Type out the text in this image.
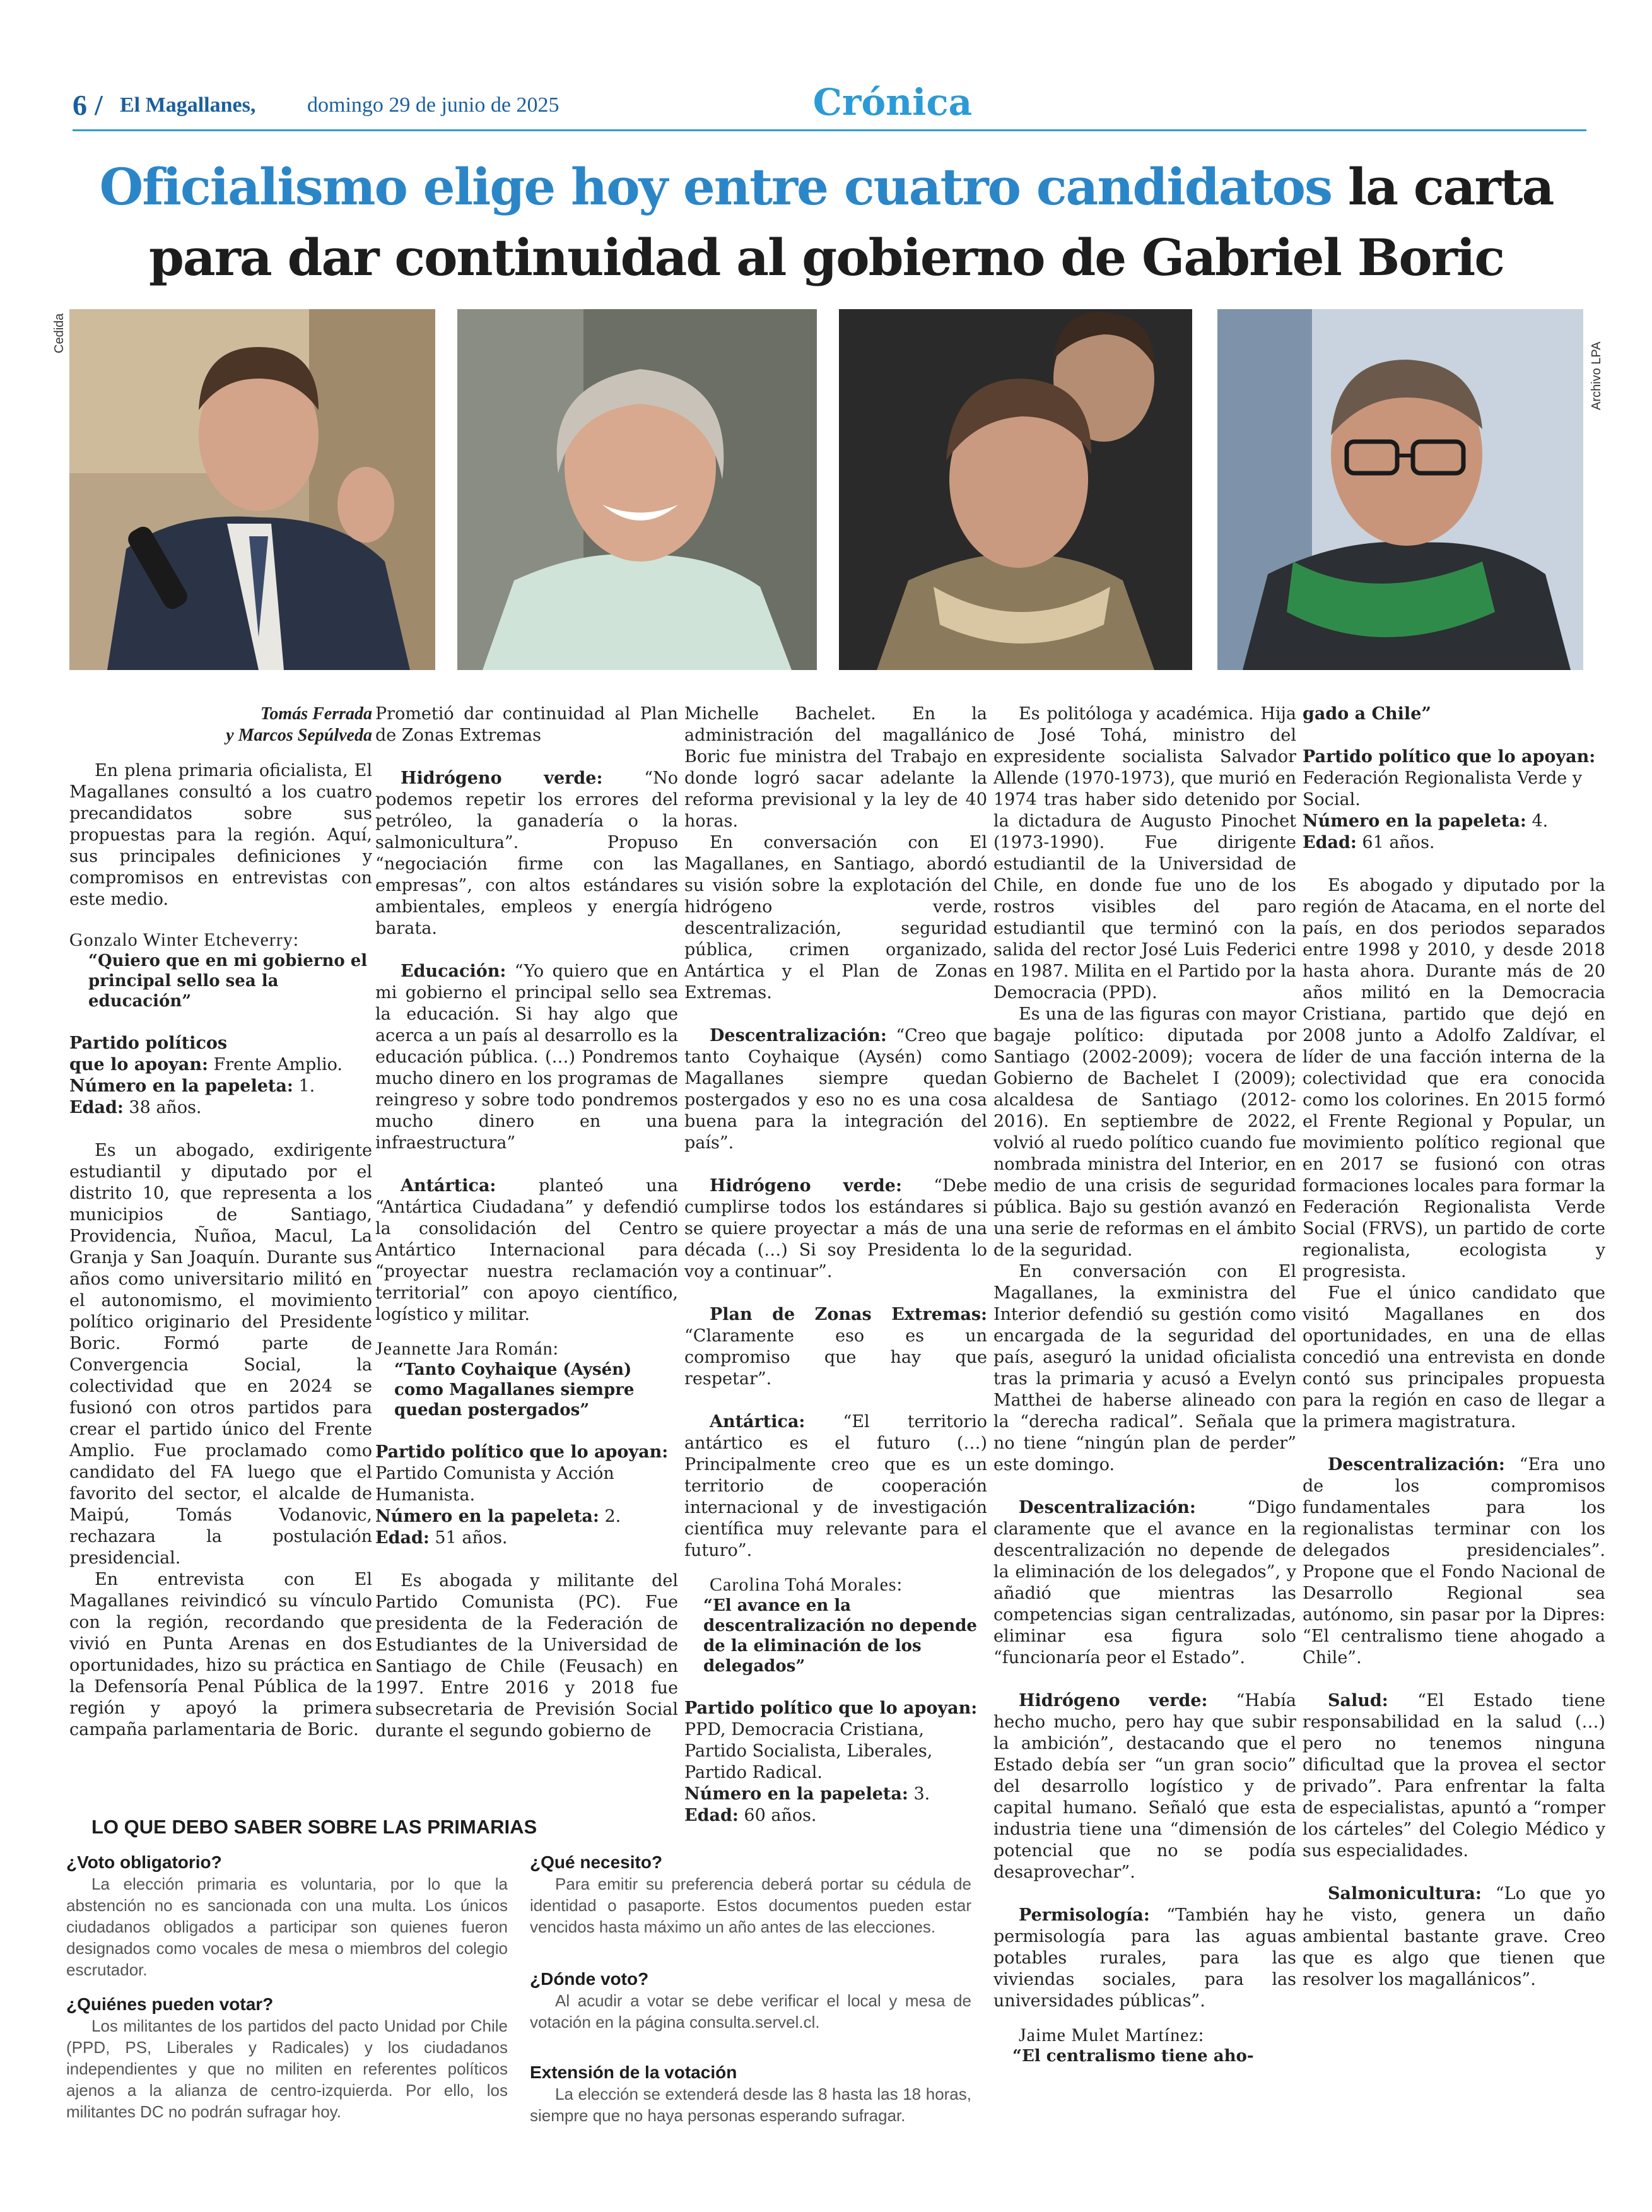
6 / El Magallanes, domingo 29 de junio de 2025	Crónica
Oficialismo elige hoy entre cuatro candidatos la carta
para dar continuidad al gobierno de Gabriel Boric
Cedida
Archivo LPA
Tomás Ferrada
y Marcos Sepúlveda

En plena primaria oficialista, El Magallanes consultó a los cuatro precandidatos sobre sus propuestas para la región. Aquí, sus principales definiciones y compromisos en entrevistas con este medio.

Gonzalo Winter Etcheverry:
“Quiero que en mi gobierno el principal sello sea la educación”
Partido políticos
que lo apoyan: Frente Amplio.
Número en la papeleta: 1.
Edad: 38 años.

Es un abogado, exdirigente estudiantil y diputado por el distrito 10, que representa a los municipios de Santiago, Providencia, Ñuñoa, Macul, La Granja y San Joaquín. Durante sus años como universitario militó en el autonomismo, el movimiento político originario del Presidente Boric. Formó parte de Convergencia Social, la colectividad que en 2024 se fusionó con otros partidos para crear el partido único del Frente Amplio. Fue proclamado como candidato del FA luego que el favorito del sector, el alcalde de Maipú, Tomás Vodanovic, rechazara la postulación presidencial.

En entrevista con El Magallanes reivindicó su vínculo con la región, recordando que vivió en Punta Arenas en dos oportunidades, hizo su práctica en la Defensoría Penal Pública de la región y apoyó la primera campaña parlamentaria de Boric.

Prometió dar continuidad al Plan de Zonas Extremas

Hidrógeno verde: “No podemos repetir los errores del petróleo, la ganadería o la salmonicultura”. Propuso “negociación firme con las empresas”, con altos estándares ambientales, empleos y energía barata.

Educación: “Yo quiero que en mi gobierno el principal sello sea la educación. Si hay algo que acerca a un país al desarrollo es la educación pública. (…) Pondremos mucho dinero en los programas de reingreso y sobre todo pondremos mucho dinero en una infraestructura”

Antártica: planteó una “Antártica Ciudadana” y defendió la consolidación del Centro Antártico Internacional para “proyectar nuestra reclamación territorial” con apoyo científico, logístico y militar.

Jeannette Jara Román:
“Tanto Coyhaique (Aysén) como Magallanes siempre quedan postergados”
Partido político que lo apoyan:
Partido Comunista y Acción Humanista.
Número en la papeleta: 2.
Edad: 51 años.

Es abogada y militante del Partido Comunista (PC). Fue presidenta de la Federación de Estudiantes de la Universidad de Santiago de Chile (Feusach) en 1997. Entre 2016 y 2018 fue subsecretaria de Previsión Social durante el segundo gobierno de

Michelle Bachelet. En la administración del magallánico Boric fue ministra del Trabajo en donde logró sacar adelante la reforma previsional y la ley de 40 horas.

En conversación con El Magallanes, en Santiago, abordó su visión sobre la explotación del hidrógeno verde, descentralización, seguridad pública, crimen organizado, Antártica y el Plan de Zonas Extremas.

Descentralización: “Creo que tanto Coyhaique (Aysén) como Magallanes siempre quedan postergados y eso no es una cosa buena para la integración del país”.

Hidrógeno verde: “Debe cumplirse todos los estándares si se quiere proyectar a más de una década (…) Si soy Presidenta lo voy a continuar”.

Plan de Zonas Extremas: “Claramente eso es un compromiso que hay que respetar”.

Antártica: “El territorio antártico es el futuro (…) Principalmente creo que es un territorio de cooperación internacional y de investigación científica muy relevante para el futuro”.

Carolina Tohá Morales:
“El avance en la descentralización no depende de la eliminación de los delegados”
Partido político que lo apoyan:
PPD, Democracia Cristiana, Partido Socialista, Liberales, Partido Radical.
Número en la papeleta: 3.
Edad: 60 años.

Es politóloga y académica. Hija de José Tohá, ministro del expresidente socialista Salvador Allende (1970-1973), que murió en 1974 tras haber sido detenido por la dictadura de Augusto Pinochet (1973-1990). Fue dirigente estudiantil de la Universidad de Chile, en donde fue uno de los rostros visibles del paro estudiantil que terminó con la salida del rector José Luis Federici en 1987. Milita en el Partido por la Democracia (PPD).

Es una de las figuras con mayor bagaje político: diputada por Santiago (2002-2009); vocera de Gobierno de Bachelet I (2009); alcaldesa de Santiago (2012-2016). En septiembre de 2022, volvió al ruedo político cuando fue nombrada ministra del Interior, en medio de una crisis de seguridad pública. Bajo su gestión avanzó en una serie de reformas en el ámbito de la seguridad.

En conversación con El Magallanes, la exministra del Interior defendió su gestión como encargada de la seguridad del país, aseguró la unidad oficialista tras la primaria y acusó a Evelyn Matthei de haberse alineado con la “derecha radical”. Señala que no tiene “ningún plan de perder” este domingo.

Descentralización: “Digo claramente que el avance en la descentralización no depende de la eliminación de los delegados”, y añadió que mientras las competencias sigan centralizadas, eliminar esa figura solo “funcionaría peor el Estado”.

Hidrógeno verde: “Había hecho mucho, pero hay que subir la ambición”, destacando que el Estado debía ser “un gran socio” del desarrollo logístico y de capital humano. Señaló que esta industria tiene una “dimensión de potencial que no se podía desaprovechar”.

Permisología: “También hay permisología para las aguas potables rurales, para las viviendas sociales, para las universidades públicas”.

Jaime Mulet Martínez:
“El centralismo tiene aho-
gado a Chile”
Partido político que lo apoyan:
Federación Regionalista Verde y Social.
Número en la papeleta: 4.
Edad: 61 años.

Es abogado y diputado por la región de Atacama, en el norte del país, en dos periodos separados entre 1998 y 2010, y desde 2018 hasta ahora. Durante más de 20 años militó en la Democracia Cristiana, partido que dejó en 2008 junto a Adolfo Zaldívar, el líder de una facción interna de la colectividad que era conocida como los colorines. En 2015 formó el Frente Regional y Popular, un movimiento político regional que en 2017 se fusionó con otras formaciones locales para formar la Federación Regionalista Verde Social (FRVS), un partido de corte regionalista, ecologista y progresista.

Fue el único candidato que visitó Magallanes en dos oportunidades, en una de ellas concedió una entrevista en donde contó sus principales propuesta para la región en caso de llegar a la primera magistratura.

Descentralización: “Era uno de los compromisos fundamentales para los regionalistas terminar con los delegados presidenciales”. Propone que el Fondo Nacional de Desarrollo Regional sea autónomo, sin pasar por la Dipres: “El centralismo tiene ahogado a Chile”.

Salud: “El Estado tiene responsabilidad en la salud (…) pero no tenemos ninguna dificultad que la provea el sector privado”. Para enfrentar la falta de especialistas, apuntó a “romper los cárteles” del Colegio Médico y sus especialidades.

Salmonicultura: “Lo que yo he visto, genera un daño ambiental bastante grave. Creo que es algo que tienen que resolver los magallánicos”.

LO QUE DEBO SABER SOBRE LAS PRIMARIAS
¿Voto obligatorio?

La elección primaria es voluntaria, por lo que la abstención no es sancionada con una multa. Los únicos ciudadanos obligados a participar son quienes fueron designados como vocales de mesa o miembros del colegio escrutador.

¿Quiénes pueden votar?

Los militantes de los partidos del pacto Unidad por Chile (PPD, PS, Liberales y Radicales) y los ciudadanos independientes y que no militen en referentes políticos ajenos a la alianza de centro-izquierda. Por ello, los militantes DC no podrán sufragar hoy.

¿Qué necesito?

Para emitir su preferencia deberá portar su cédula de identidad o pasaporte. Estos documentos pueden estar vencidos hasta máximo un año antes de las elecciones.

¿Dónde voto?

Al acudir a votar se debe verificar el local y mesa de votación en la página consulta.servel.cl.

Extensión de la votación

La elección se extenderá desde las 8 hasta las 18 horas, siempre que no haya personas esperando sufragar.
